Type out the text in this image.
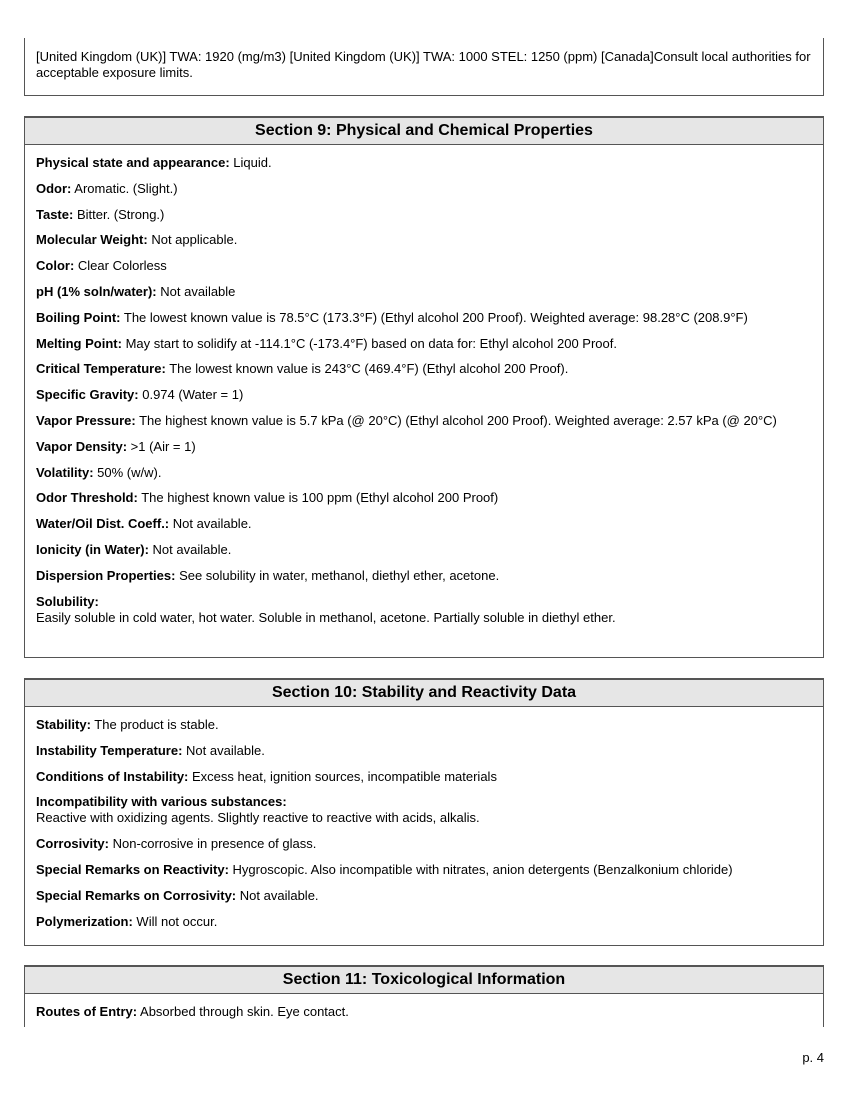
[United Kingdom (UK)] TWA: 1920 (mg/m3) [United Kingdom (UK)] TWA: 1000 STEL: 1250 (ppm) [Canada]Consult local authorities for acceptable exposure limits.
Section 9: Physical and Chemical Properties
Physical state and appearance: Liquid.
Odor: Aromatic. (Slight.)
Taste: Bitter. (Strong.)
Molecular Weight: Not applicable.
Color: Clear Colorless
pH (1% soln/water): Not available
Boiling Point: The lowest known value is 78.5°C (173.3°F) (Ethyl alcohol 200 Proof). Weighted average: 98.28°C (208.9°F)
Melting Point: May start to solidify at -114.1°C (-173.4°F) based on data for: Ethyl alcohol 200 Proof.
Critical Temperature: The lowest known value is 243°C (469.4°F) (Ethyl alcohol 200 Proof).
Specific Gravity: 0.974 (Water = 1)
Vapor Pressure: The highest known value is 5.7 kPa (@ 20°C) (Ethyl alcohol 200 Proof). Weighted average: 2.57 kPa (@ 20°C)
Vapor Density: >1 (Air = 1)
Volatility: 50% (w/w).
Odor Threshold: The highest known value is 100 ppm (Ethyl alcohol 200 Proof)
Water/Oil Dist. Coeff.: Not available.
Ionicity (in Water): Not available.
Dispersion Properties: See solubility in water, methanol, diethyl ether, acetone.
Solubility:
Easily soluble in cold water, hot water. Soluble in methanol, acetone. Partially soluble in diethyl ether.
Section 10: Stability and Reactivity Data
Stability: The product is stable.
Instability Temperature: Not available.
Conditions of Instability: Excess heat, ignition sources, incompatible materials
Incompatibility with various substances:
Reactive with oxidizing agents. Slightly reactive to reactive with acids, alkalis.
Corrosivity: Non-corrosive in presence of glass.
Special Remarks on Reactivity: Hygroscopic. Also incompatible with nitrates, anion detergents (Benzalkonium chloride)
Special Remarks on Corrosivity: Not available.
Polymerization: Will not occur.
Section 11: Toxicological Information
Routes of Entry: Absorbed through skin. Eye contact.
p. 4
